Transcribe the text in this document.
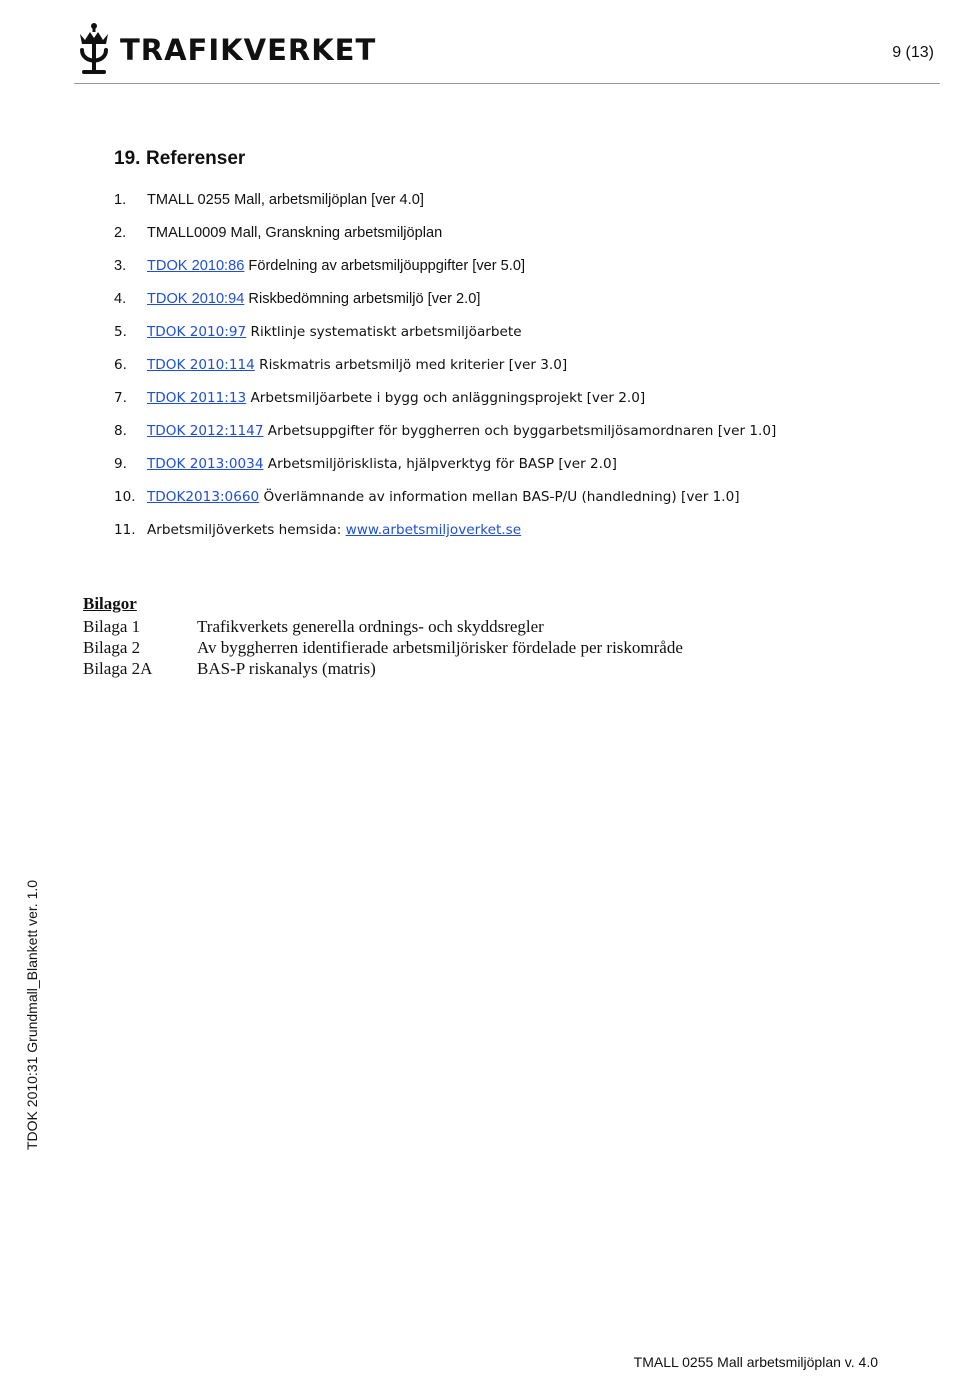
TRAFIKVERKET	9 (13)
19. Referenser
1. TMALL 0255 Mall, arbetsmiljöplan [ver 4.0]
2. TMALL0009 Mall, Granskning arbetsmiljöplan
3. TDOK 2010:86 Fördelning av arbetsmiljöuppgifter [ver 5.0]
4. TDOK 2010:94 Riskbedömning arbetsmiljö [ver 2.0]
5. TDOK 2010:97 Riktlinje systematiskt arbetsmiljöarbete
6. TDOK 2010:114 Riskmatris arbetsmiljö med kriterier [ver 3.0]
7. TDOK 2011:13 Arbetsmiljöarbete i bygg och anläggningsprojekt [ver 2.0]
8. TDOK 2012:1147 Arbetsuppgifter för byggherren och byggarbetsmiljösamordnaren [ver 1.0]
9. TDOK 2013:0034 Arbetsmiljörisklista, hjälpverktyg för BASP [ver 2.0]
10. TDOK2013:0660 Överlämnande av information mellan BAS-P/U (handledning) [ver 1.0]
11. Arbetsmiljöverkets hemsida: www.arbetsmiljoverket.se
Bilagor
Bilaga 1	Trafikverkets generella ordnings- och skyddsregler
Bilaga 2	Av byggherren identifierade arbetsmiljörisker fördelade per riskområde
Bilaga 2A	BAS-P riskanalys (matris)
TDOK 2010:31 Grundmall_Blankett ver. 1.0
TMALL 0255 Mall arbetsmiljöplan v. 4.0
